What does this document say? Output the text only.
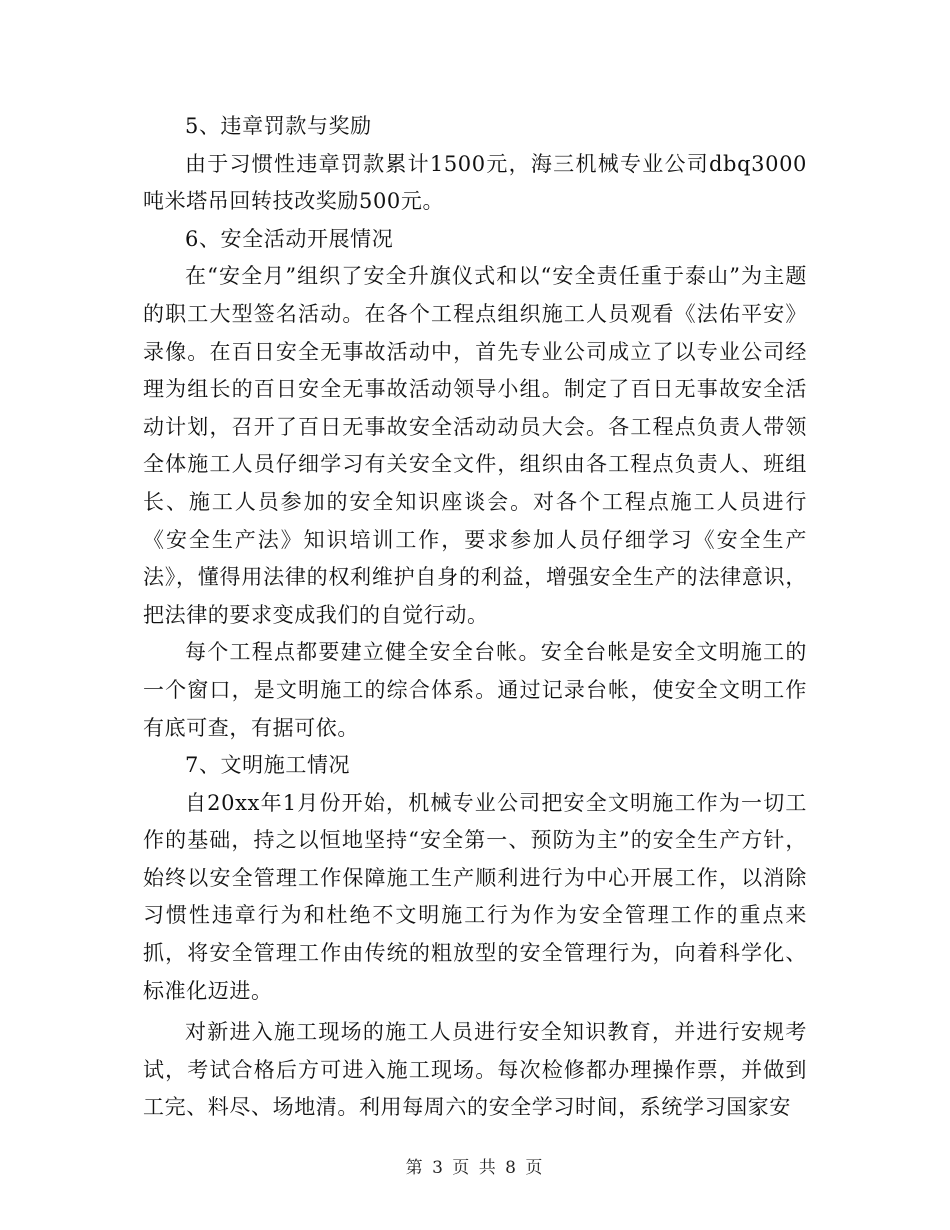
5、违章罚款与奖励

由于习惯性违章罚款累计1500元，海三机械专业公司dbq3000吨米塔吊回转技改奖励500元。

6、安全活动开展情况

在“安全月”组织了安全升旗仪式和以“安全责任重于泰山”为主题的职工大型签名活动。在各个工程点组织施工人员观看《法佑平安》录像。在百日安全无事故活动中，首先专业公司成立了以专业公司经理为组长的百日安全无事故活动领导小组。制定了百日无事故安全活动计划，召开了百日无事故安全活动动员大会。各工程点负责人带领全体施工人员仔细学习有关安全文件，组织由各工程点负责人、班组长、施工人员参加的安全知识座谈会。对各个工程点施工人员进行《安全生产法》知识培训工作，要求参加人员仔细学习《安全生产法》，懂得用法律的权利维护自身的利益，增强安全生产的法律意识，把法律的要求变成我们的自觉行动。

每个工程点都要建立健全安全台帐。安全台帐是安全文明施工的一个窗口，是文明施工的综合体系。通过记录台帐，使安全文明工作有底可查，有据可依。

7、文明施工情况

自20xx年1月份开始，机械专业公司把安全文明施工作为一切工作的基础，持之以恒地坚持“安全第一、预防为主”的安全生产方针，始终以安全管理工作保障施工生产顺利进行为中心开展工作，以消除习惯性违章行为和杜绝不文明施工行为作为安全管理工作的重点来抓，将安全管理工作由传统的粗放型的安全管理行为，向着科学化、标准化迈进。

对新进入施工现场的施工人员进行安全知识教育，并进行安规考试，考试合格后方可进入施工现场。每次检修都办理操作票，并做到工完、料尽、场地清。利用每周六的安全学习时间，系统学习国家安

第 3 页 共 8 页
